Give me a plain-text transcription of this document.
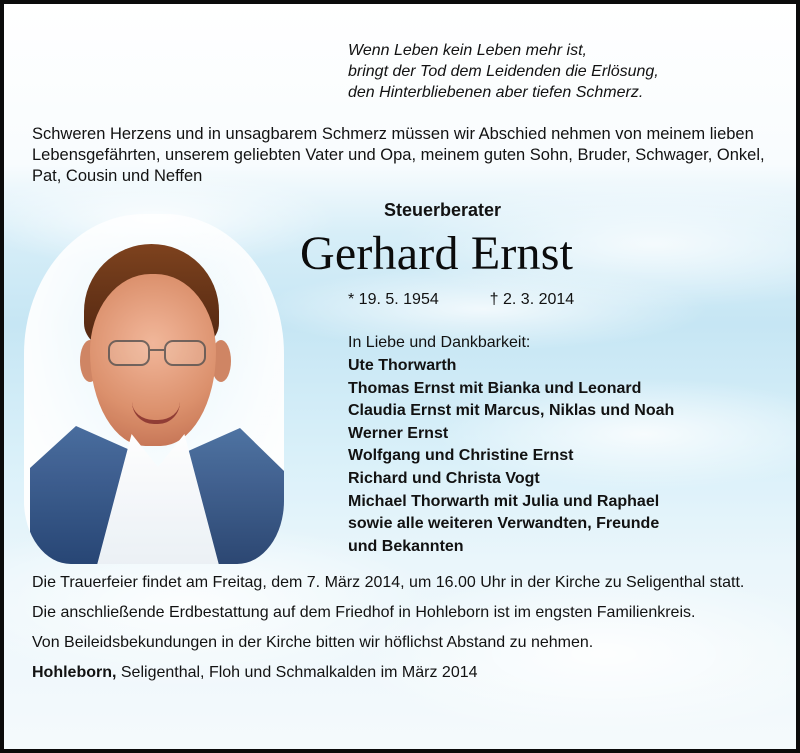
Wenn Leben kein Leben mehr ist,
bringt der Tod dem Leidenden die Erlösung,
den Hinterbliebenen aber tiefen Schmerz.
Schweren Herzens und in unsagbarem Schmerz müssen wir Abschied nehmen von meinem lieben Lebensgefährten, unserem geliebten Vater und Opa, meinem guten Sohn, Bruder, Schwager, Onkel, Pat, Cousin und Neffen
Steuerberater
Gerhard Ernst
* 19. 5. 1954	† 2. 3. 2014
In Liebe und Dankbarkeit:
Ute Thorwarth
Thomas Ernst mit Bianka und Leonard
Claudia Ernst mit Marcus, Niklas und Noah
Werner Ernst
Wolfgang und Christine Ernst
Richard und Christa Vogt
Michael Thorwarth mit Julia und Raphael
sowie alle weiteren Verwandten, Freunde
und Bekannten

Die Trauerfeier findet am Freitag, dem 7. März 2014, um 16.00 Uhr in der Kirche zu Seligenthal statt.

Die anschließende Erdbestattung auf dem Friedhof in Hohleborn ist im engsten Familienkreis.

Von Beileidsbekundungen in der Kirche bitten wir höflichst Abstand zu nehmen.

Hohleborn, Seligenthal, Floh und Schmalkalden im März 2014
